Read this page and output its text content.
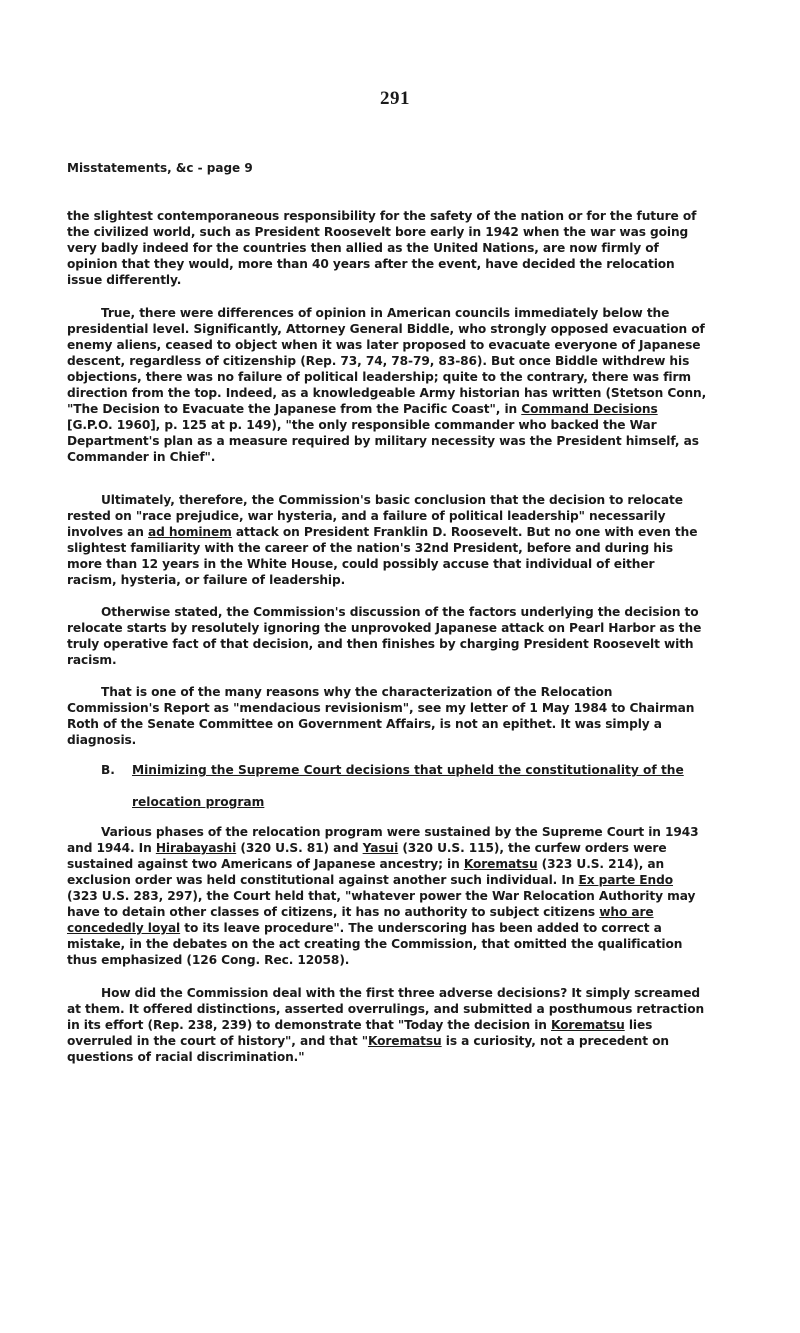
291
Misstatements, &c - page 9

the slightest contemporaneous responsibility for the safety of the nation or for the future of the civilized world, such as President Roosevelt bore early in 1942 when the war was going very badly indeed for the countries then allied as the United Nations, are now firmly of opinion that they would, more than 40 years after the event, have decided the relocation issue differently.

True, there were differences of opinion in American councils immediately below the presidential level. Significantly, Attorney General Biddle, who strongly opposed evacuation of enemy aliens, ceased to object when it was later proposed to evacuate everyone of Japanese descent, regardless of citizenship (Rep. 73, 74, 78-79, 83-86). But once Biddle withdrew his objections, there was no failure of political leadership; quite to the contrary, there was firm direction from the top. Indeed, as a knowledgeable Army historian has written (Stetson Conn, "The Decision to Evacuate the Japanese from the Pacific Coast", in Command Decisions [G.P.O. 1960], p. 125 at p. 149), "the only responsible commander who backed the War Department's plan as a measure required by military necessity was the President himself, as Commander in Chief".

Ultimately, therefore, the Commission's basic conclusion that the decision to relocate rested on "race prejudice, war hysteria, and a failure of political leadership" necessarily involves an ad hominem attack on President Franklin D. Roosevelt. But no one with even the slightest familiarity with the career of the nation's 32nd President, before and during his more than 12 years in the White House, could possibly accuse that individual of either racism, hysteria, or failure of leadership.

Otherwise stated, the Commission's discussion of the factors underlying the decision to relocate starts by resolutely ignoring the unprovoked Japanese attack on Pearl Harbor as the truly operative fact of that decision, and then finishes by charging President Roosevelt with racism.

That is one of the many reasons why the characterization of the Relocation Commission's Report as "mendacious revisionism", see my letter of 1 May 1984 to Chairman Roth of the Senate Committee on Government Affairs, is not an epithet. It was simply a diagnosis.

B. Minimizing the Supreme Court decisions that upheld the constitutionality of the
relocation program

Various phases of the relocation program were sustained by the Supreme Court in 1943 and 1944. In Hirabayashi (320 U.S. 81) and Yasui (320 U.S. 115), the curfew orders were sustained against two Americans of Japanese ancestry; in Korematsu (323 U.S. 214), an exclusion order was held constitutional against another such individual. In Ex parte Endo (323 U.S. 283, 297), the Court held that, "whatever power the War Relocation Authority may have to detain other classes of citizens, it has no authority to subject citizens who are concededly loyal to its leave procedure". The underscoring has been added to correct a mistake, in the debates on the act creating the Commission, that omitted the qualification thus emphasized (126 Cong. Rec. 12058).

How did the Commission deal with the first three adverse decisions? It simply screamed at them. It offered distinctions, asserted overrulings, and submitted a posthumous retraction in its effort (Rep. 238, 239) to demonstrate that "Today the decision in Korematsu lies overruled in the court of history", and that "Korematsu is a curiosity, not a precedent on questions of racial discrimination."
